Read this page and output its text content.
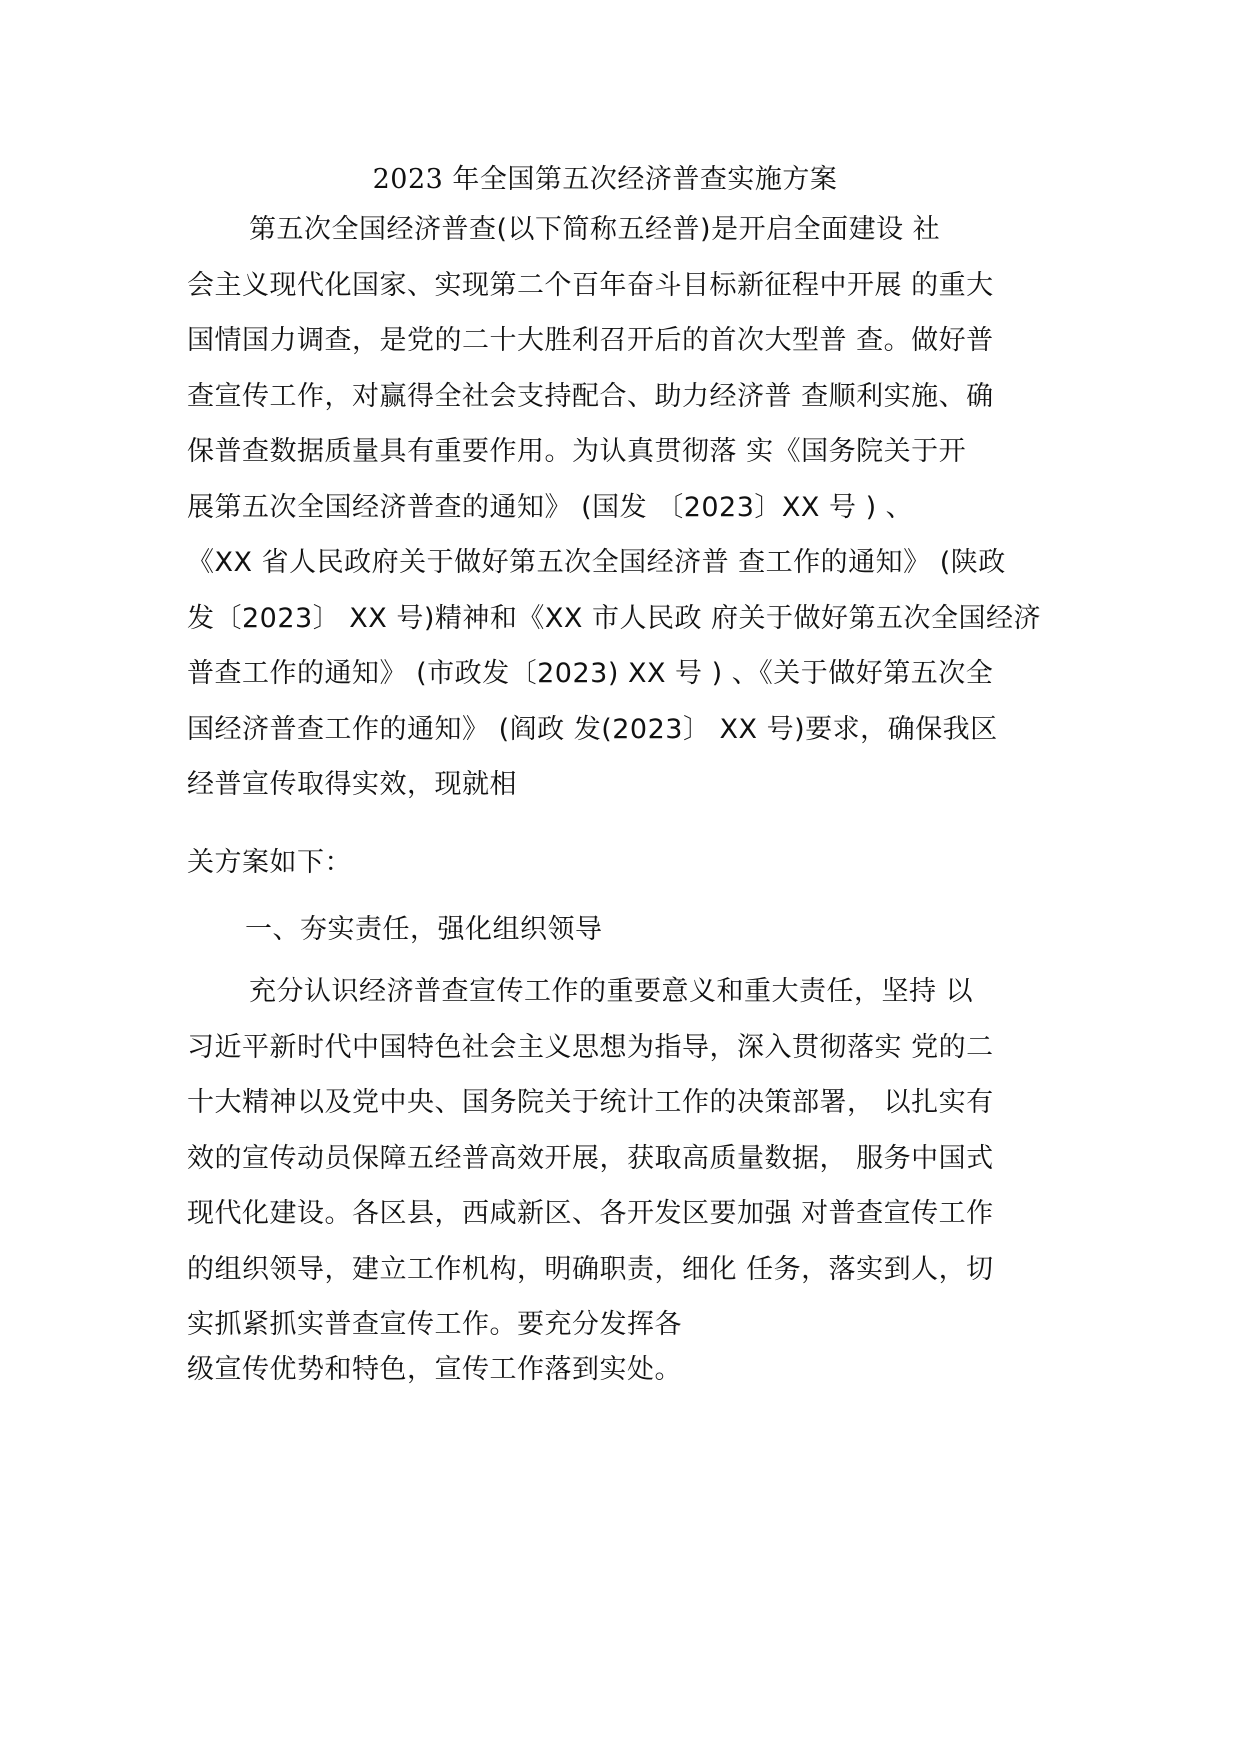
2023 年全国第五次经济普查实施方案
第五次全国经济普查(以下简称五经普)是开启全面建设 社
会主义现代化国家、实现第二个百年奋斗目标新征程中开展 的重大
国情国力调查，是党的二十大胜利召开后的首次大型普 查。做好普
查宣传工作，对赢得全社会支持配合、助力经济普 查顺利实施、确
保普查数据质量具有重要作用。为认真贯彻落 实《国务院关于开
展第五次全国经济普查的通知》 (国发 〔2023〕XX 号 ) 、
《XX 省人民政府关于做好第五次全国经济普 查工作的通知》 (陕政
发〔2023〕 XX 号)精神和《XX 市人民政 府关于做好第五次全国经济
普查工作的通知》 (市政发〔2023) XX 号 ) 、《关于做好第五次全
国经济普查工作的通知》 (阎政 发(2023〕 XX 号)要求，确保我区
经普宣传取得实效，现就相
关方案如下：
一、夯实责任，强化组织领导
充分认识经济普查宣传工作的重要意义和重大责任，坚持 以
习近平新时代中国特色社会主义思想为指导，深入贯彻落实 党的二
十大精神以及党中央、国务院关于统计工作的决策部署， 以扎实有
效的宣传动员保障五经普高效开展，获取高质量数据， 服务中国式
现代化建设。各区县，西咸新区、各开发区要加强 对普查宣传工作
的组织领导，建立工作机构，明确职责，细化 任务，落实到人，切
实抓紧抓实普查宣传工作。要充分发挥各
级宣传优势和特色，宣传工作落到实处。
